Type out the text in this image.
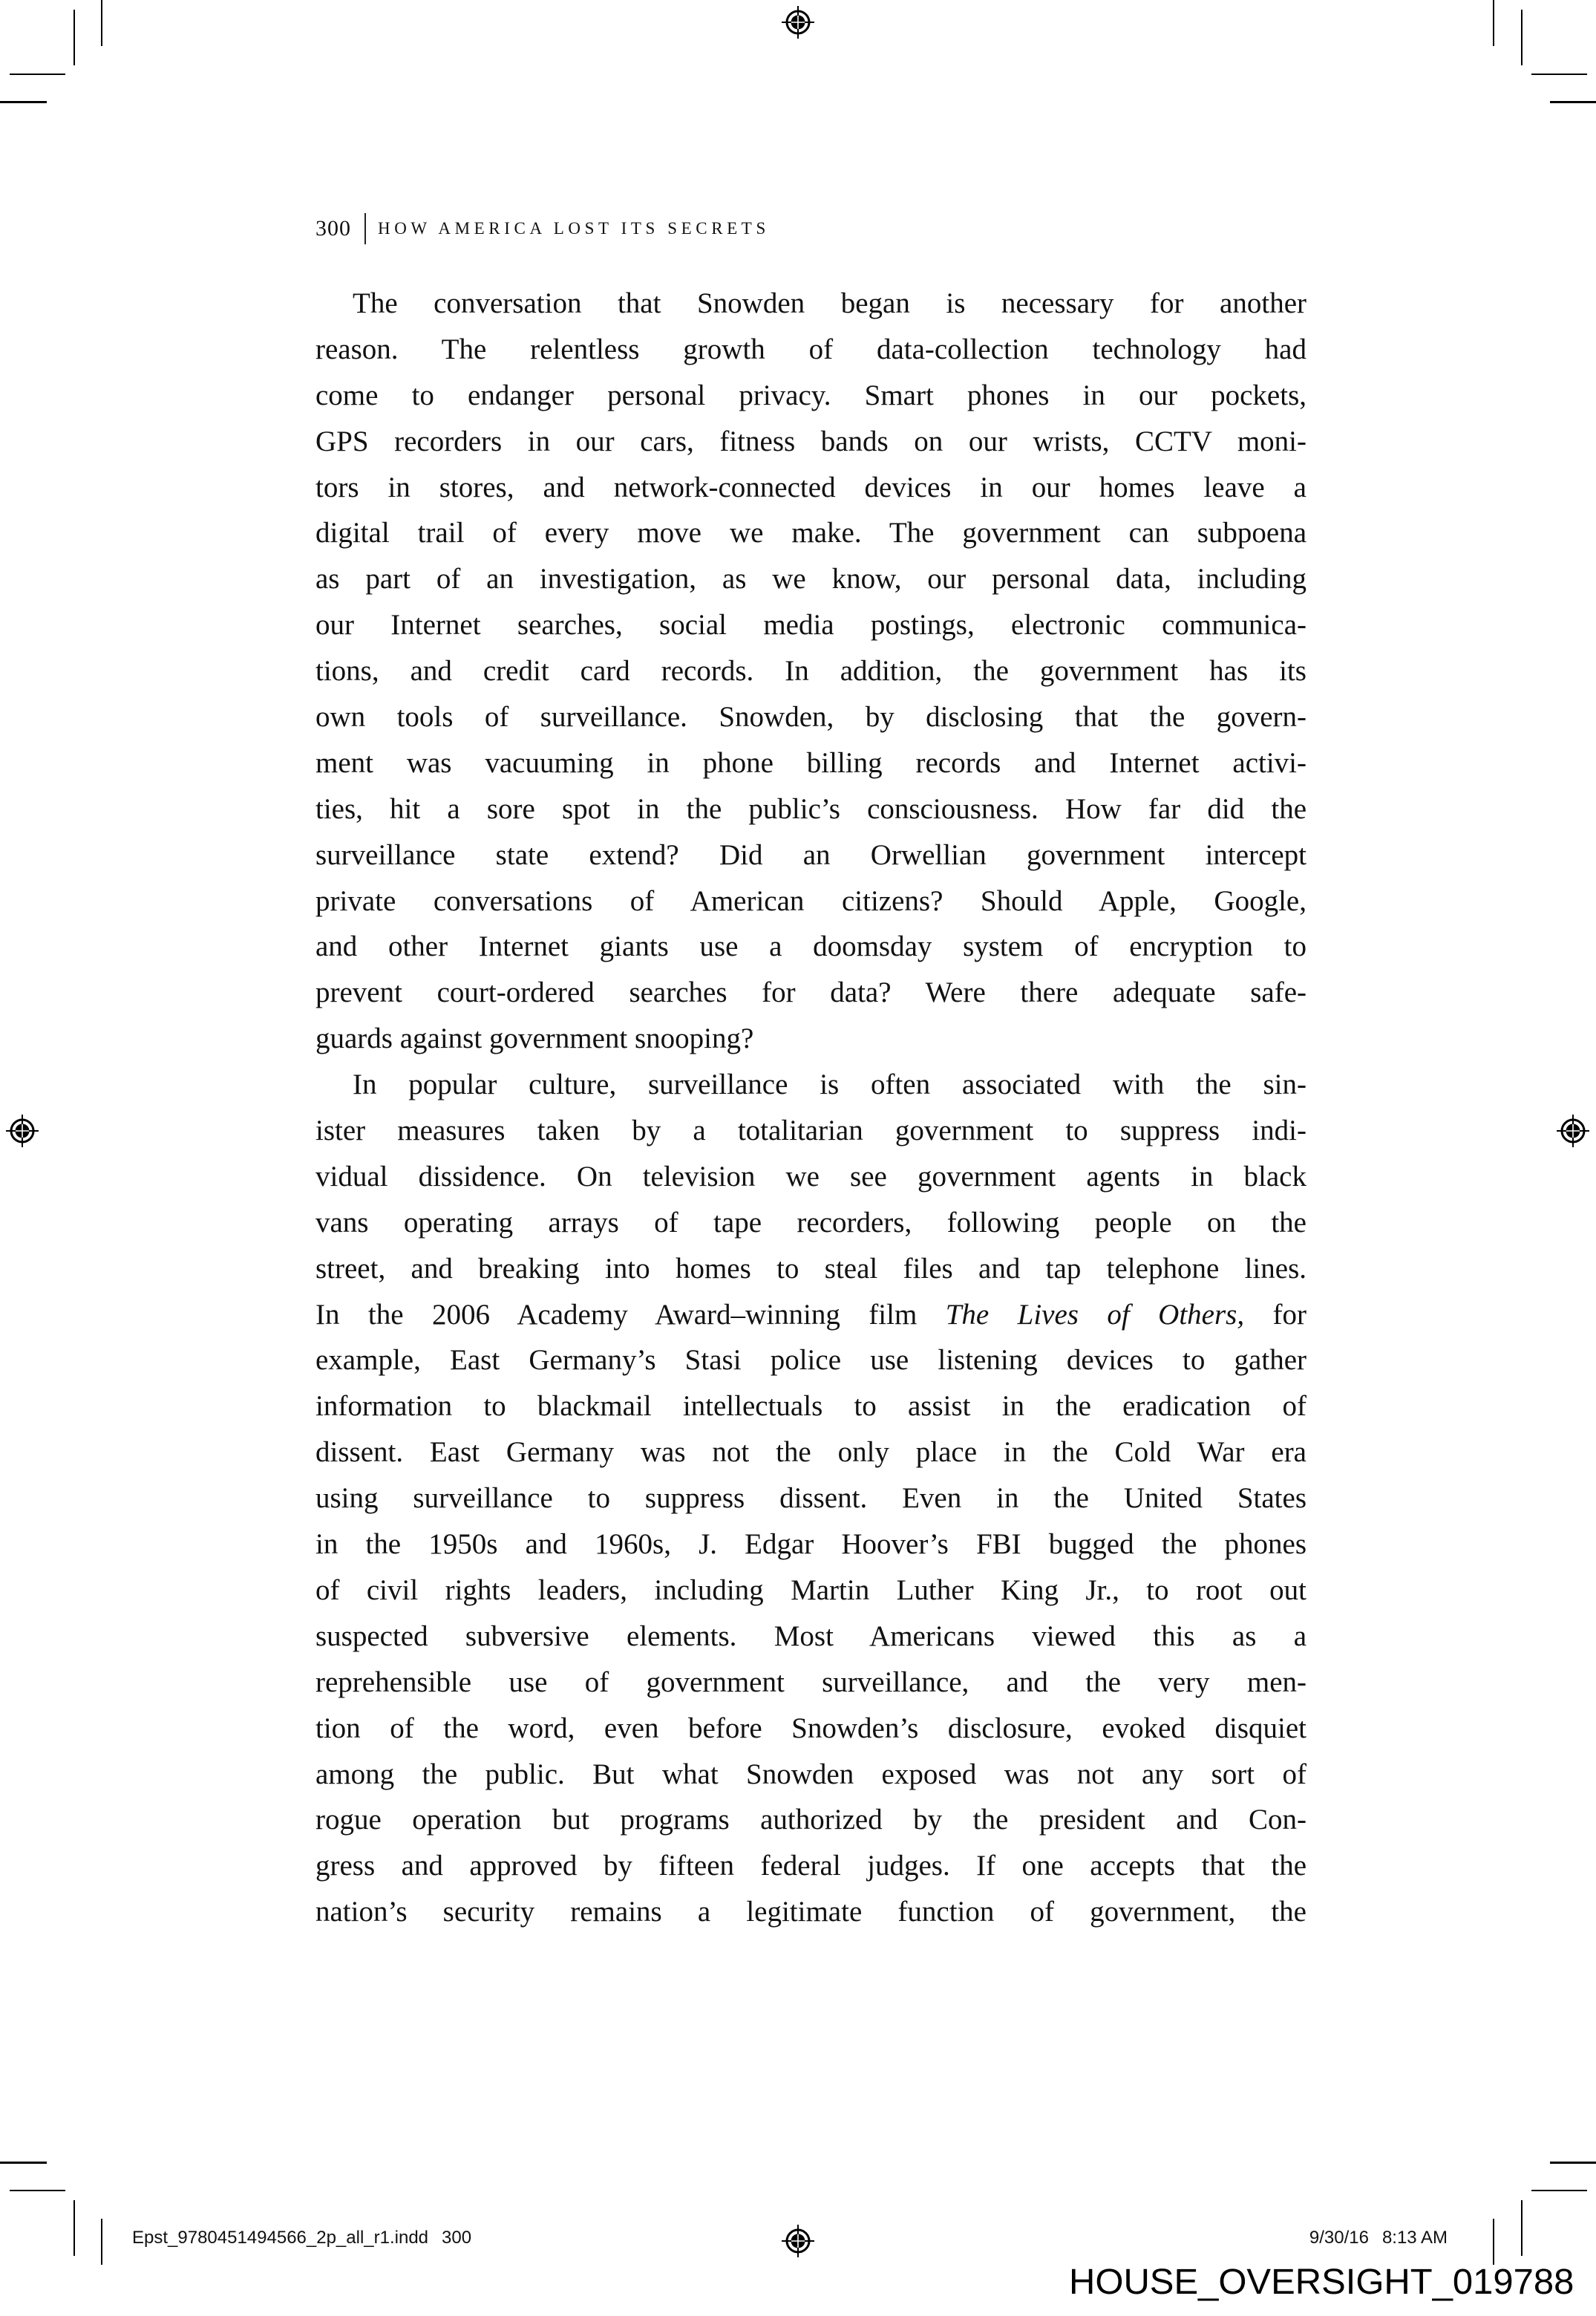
300 HOW AMERICA LOST ITS SECRETS
The conversation that Snowden began is necessary for another
reason. The relentless growth of data-collection technology had
come to endanger personal privacy. Smart phones in our pockets,
GPS recorders in our cars, fitness bands on our wrists, CCTV moni-
tors in stores, and network-connected devices in our homes leave a
digital trail of every move we make. The government can subpoena
as part of an investigation, as we know, our personal data, including
our Internet searches, social media postings, electronic communica-
tions, and credit card records. In addition, the government has its
own tools of surveillance. Snowden, by disclosing that the govern-
ment was vacuuming in phone billing records and Internet activi-
ties, hit a sore spot in the public’s consciousness. How far did the
surveillance state extend? Did an Orwellian government intercept
private conversations of American citizens? Should Apple, Google,
and other Internet giants use a doomsday system of encryption to
prevent court-ordered searches for data? Were there adequate safe-
guards against government snooping?
In popular culture, surveillance is often associated with the sin-
ister measures taken by a totalitarian government to suppress indi-
vidual dissidence. On television we see government agents in black
vans operating arrays of tape recorders, following people on the
street, and breaking into homes to steal files and tap telephone lines.
In the 2006 Academy Award–winning film The Lives of Others, for
example, East Germany’s Stasi police use listening devices to gather
information to blackmail intellectuals to assist in the eradication of
dissent. East Germany was not the only place in the Cold War era
using surveillance to suppress dissent. Even in the United States
in the 1950s and 1960s, J. Edgar Hoover’s FBI bugged the phones
of civil rights leaders, including Martin Luther King Jr., to root out
suspected subversive elements. Most Americans viewed this as a
reprehensible use of government surveillance, and the very men-
tion of the word, even before Snowden’s disclosure, evoked disquiet
among the public. But what Snowden exposed was not any sort of
rogue operation but programs authorized by the president and Con-
gress and approved by fifteen federal judges. If one accepts that the
nation’s security remains a legitimate function of government, the
Epst_9780451494566_2p_all_r1.indd 300	9/30/16 8:13 AM
HOUSE_OVERSIGHT_019788
